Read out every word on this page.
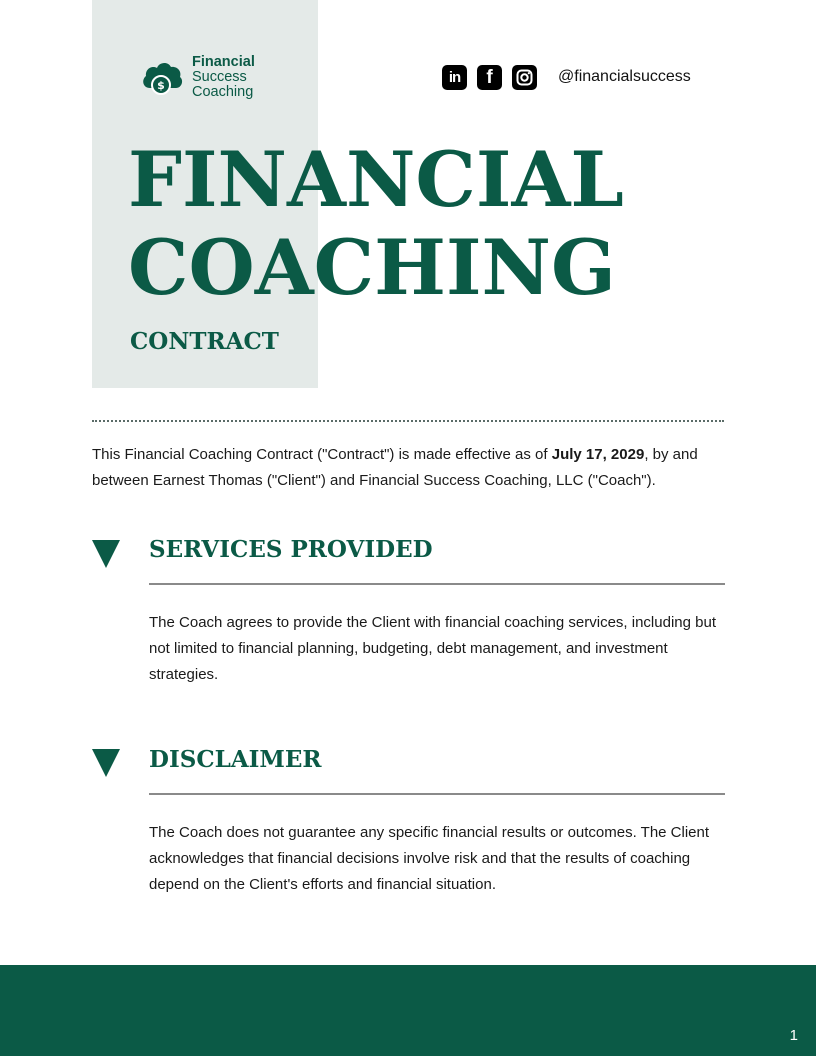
$
Financial
Success
Coaching
in	f	@financialsuccess
FINANCIAL
COACHING
CONTRACT

This Financial Coaching Contract ("Contract") is made effective as of July 17, 2029, by and between Earnest Thomas ("Client") and Financial Success Coaching, LLC ("Coach").

SERVICES PROVIDED

The Coach agrees to provide the Client with financial coaching services, including but not limited to financial planning, budgeting, debt management, and investment strategies.

DISCLAIMER

The Coach does not guarantee any specific financial results or outcomes. The Client acknowledges that financial decisions involve risk and that the results of coaching depend on the Client's efforts and financial situation.

1
